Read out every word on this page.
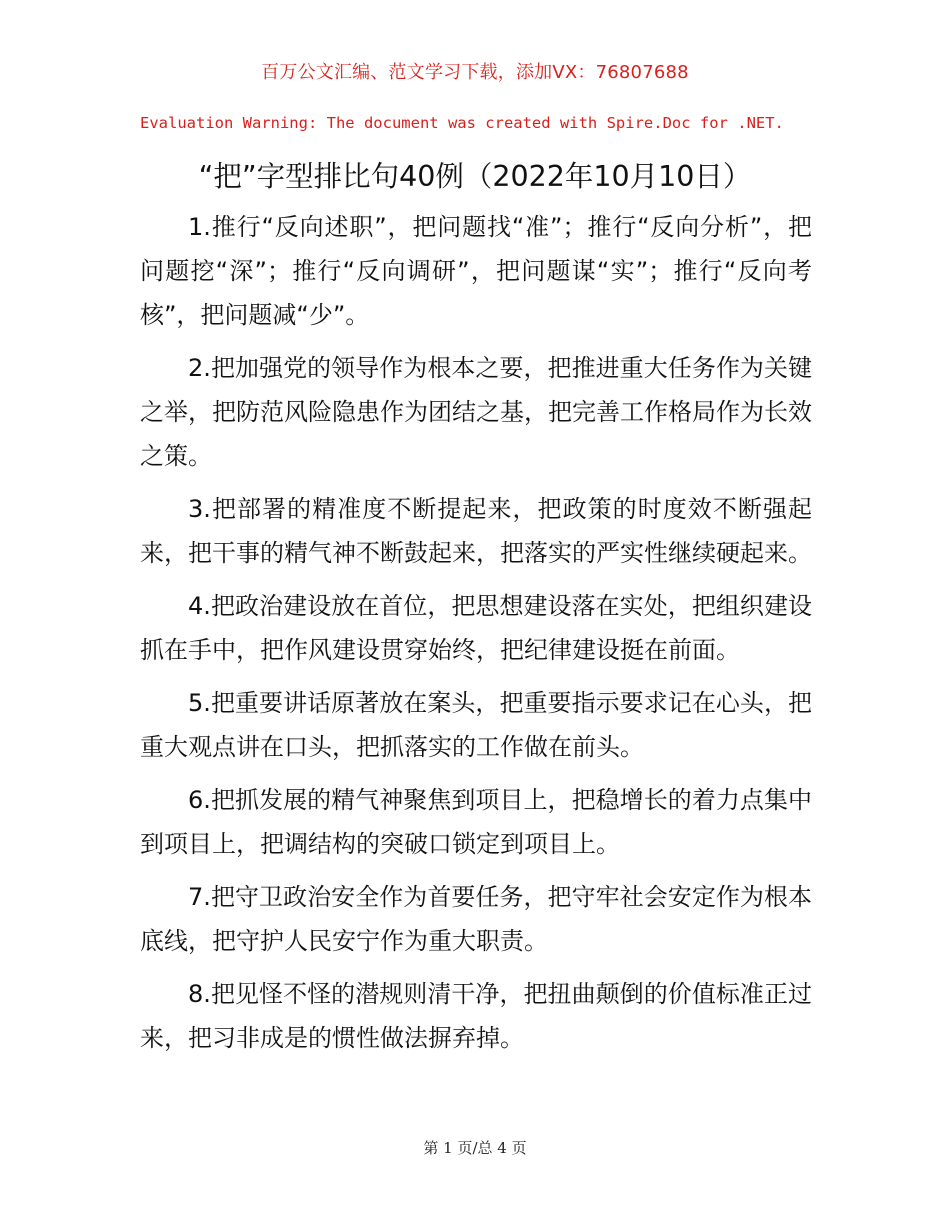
百万公文汇编、范文学习下载，添加VX：76807688
Evaluation Warning: The document was created with Spire.Doc for .NET.
“把”字型排比句40例（2022年10月10日）

1.推行“反向述职”，把问题找“准”；推行“反向分析”，把问题挖“深”；推行“反向调研”，把问题谋“实”；推行“反向考核”，把问题减“少”。

2.把加强党的领导作为根本之要，把推进重大任务作为关键之举，把防范风险隐患作为团结之基，把完善工作格局作为长效之策。

3.把部署的精准度不断提起来，把政策的时度效不断强起来，把干事的精气神不断鼓起来，把落实的严实性继续硬起来。

4.把政治建设放在首位，把思想建设落在实处，把组织建设抓在手中，把作风建设贯穿始终，把纪律建设挺在前面。

5.把重要讲话原著放在案头，把重要指示要求记在心头，把重大观点讲在口头，把抓落实的工作做在前头。

6.把抓发展的精气神聚焦到项目上，把稳增长的着力点集中到项目上，把调结构的突破口锁定到项目上。

7.把守卫政治安全作为首要任务，把守牢社会安定作为根本底线，把守护人民安宁作为重大职责。

8.把见怪不怪的潜规则清干净，把扭曲颠倒的价值标准正过来，把习非成是的惯性做法摒弃掉。

第 1 页/总 4 页
